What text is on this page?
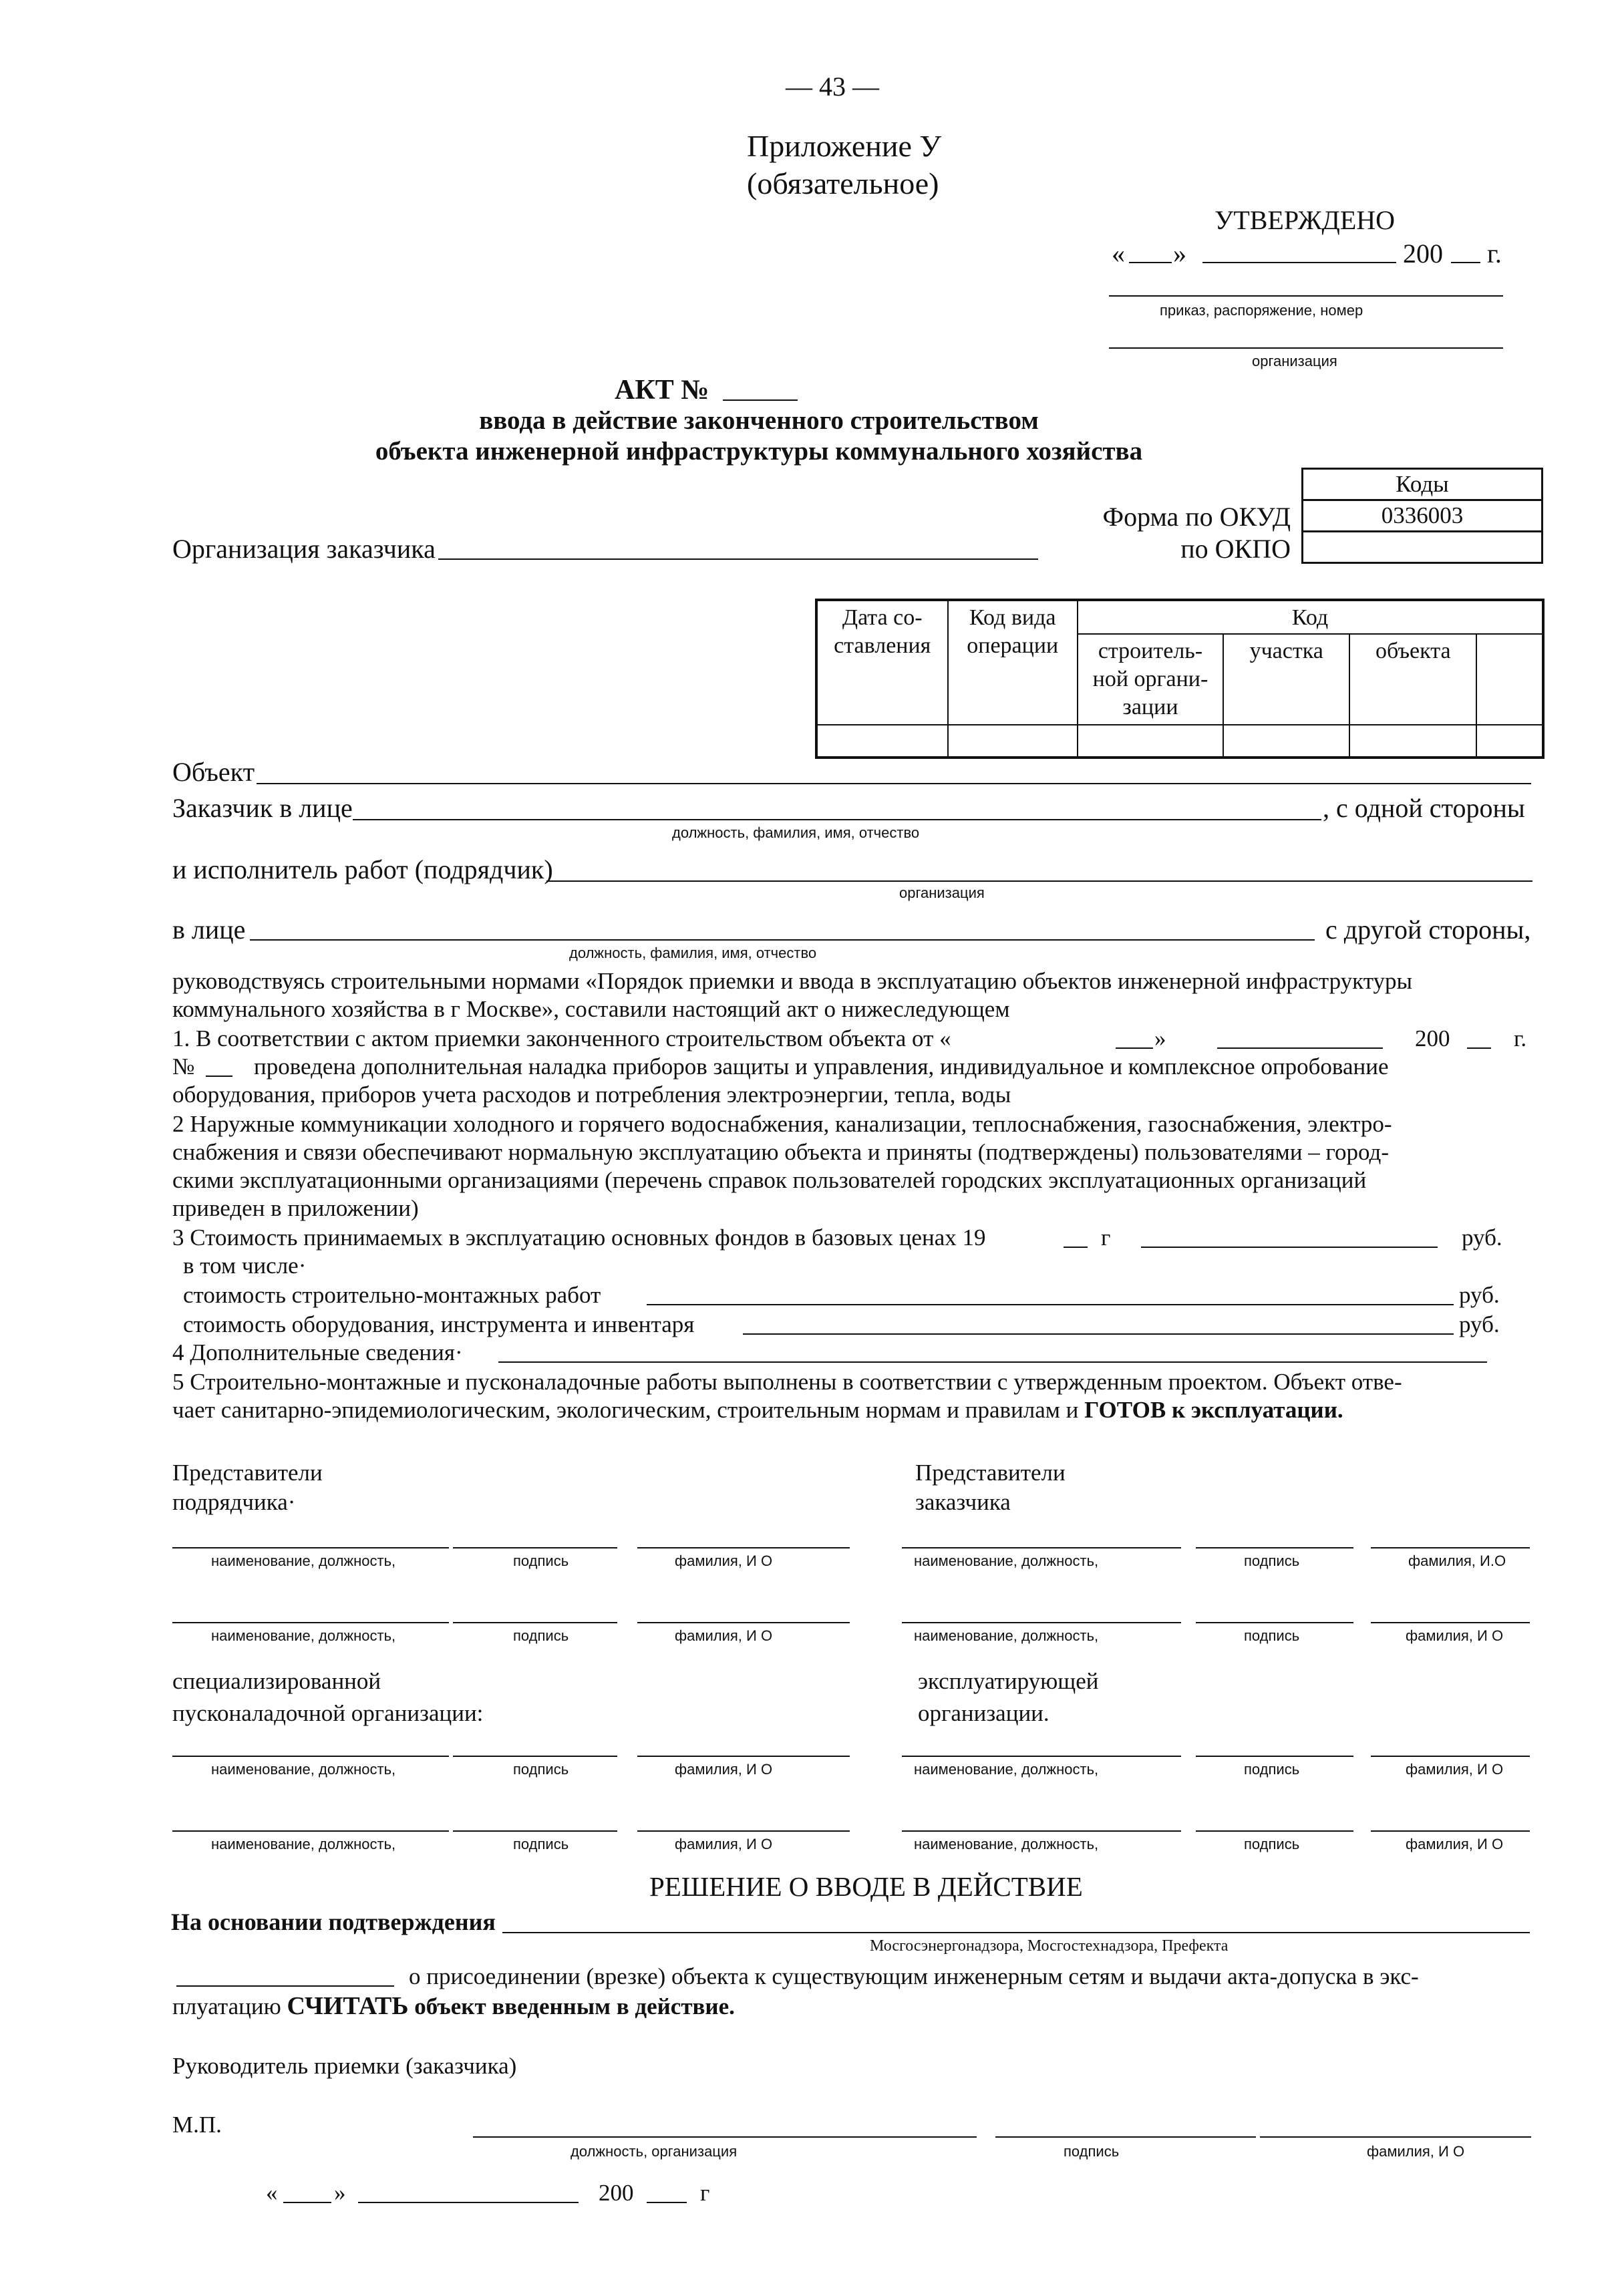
— 43 —
Приложение У
(обязательное)
УТВЕРЖДЕНО
« »	200 г.
приказ, распоряжение, номер
организация
АКТ №
ввода в действие законченного строительством
объекта инженерной инфраструктуры коммунального хозяйства
Коды
0336003

Форма по ОКУД
по ОКПО
Организация заказчика
Дата со-ставления	Код вида операции	Код			
		строитель-ной органи-зации	участка	объекта	

Объект
Заказчик в лице	, с одной стороны
должность, фамилия, имя, отчество
и исполнитель работ (подрядчик)
организация
в лице	с другой стороны,
должность, фамилия, имя, отчество
руководствуясь строительными нормами «Порядок приемки и ввода в эксплуатацию объектов инженерной инфраструктуры
коммунального хозяйства в г Москве», составили настоящий акт о нижеследующем
1. В соответствии с актом приемки законченного строительством объекта от «	»	200	г.
№	проведена дополнительная наладка приборов защиты и управления, индивидуальное и комплексное опробование
оборудования, приборов учета расходов и потребления электроэнергии, тепла, воды
2 Наружные коммуникации холодного и горячего водоснабжения, канализации, теплоснабжения, газоснабжения, электро-
снабжения и связи обеспечивают нормальную эксплуатацию объекта и приняты (подтверждены) пользователями – город-
скими эксплуатационными организациями (перечень справок пользователей городских эксплуатационных организаций
приведен в приложении)
3 Стоимость принимаемых в эксплуатацию основных фондов в базовых ценах 19	г	руб.
в том числе·
стоимость строительно-монтажных работ	руб.
стоимость оборудования, инструмента и инвентаря	руб.
4 Дополнительные сведения·
5 Строительно-монтажные и пусконаладочные работы выполнены в соответствии с утвержденным проектом. Объект отве-
чает санитарно-эпидемиологическим, экологическим, строительным нормам и правилам и ГОТОВ к эксплуатации.
Представители
подрядчика·
Представители
заказчика
наименование, должность,	подпись	фамилия, И О	наименование, должность,	подпись	фамилия, И.О
наименование, должность,	подпись	фамилия, И О	наименование, должность,	подпись	фамилия, И О
специализированной
пусконаладочной организации:
эксплуатирующей
организации.
наименование, должность,	подпись	фамилия, И О	наименование, должность,	подпись	фамилия, И О
наименование, должность,	подпись	фамилия, И О	наименование, должность,	подпись	фамилия, И О
РЕШЕНИЕ О ВВОДЕ В ДЕЙСТВИЕ
На основании подтверждения
Мосгосэнергонадзора, Мосгостехнадзора, Префекта
о присоединении (врезке) объекта к существующим инженерным сетям и выдачи акта-допуска в экс-
плуатацию СЧИТАТЬ объект введенным в действие.
Руководитель приемки (заказчика)
М.П.
должность, организация	подпись	фамилия, И О
« »	200	г
